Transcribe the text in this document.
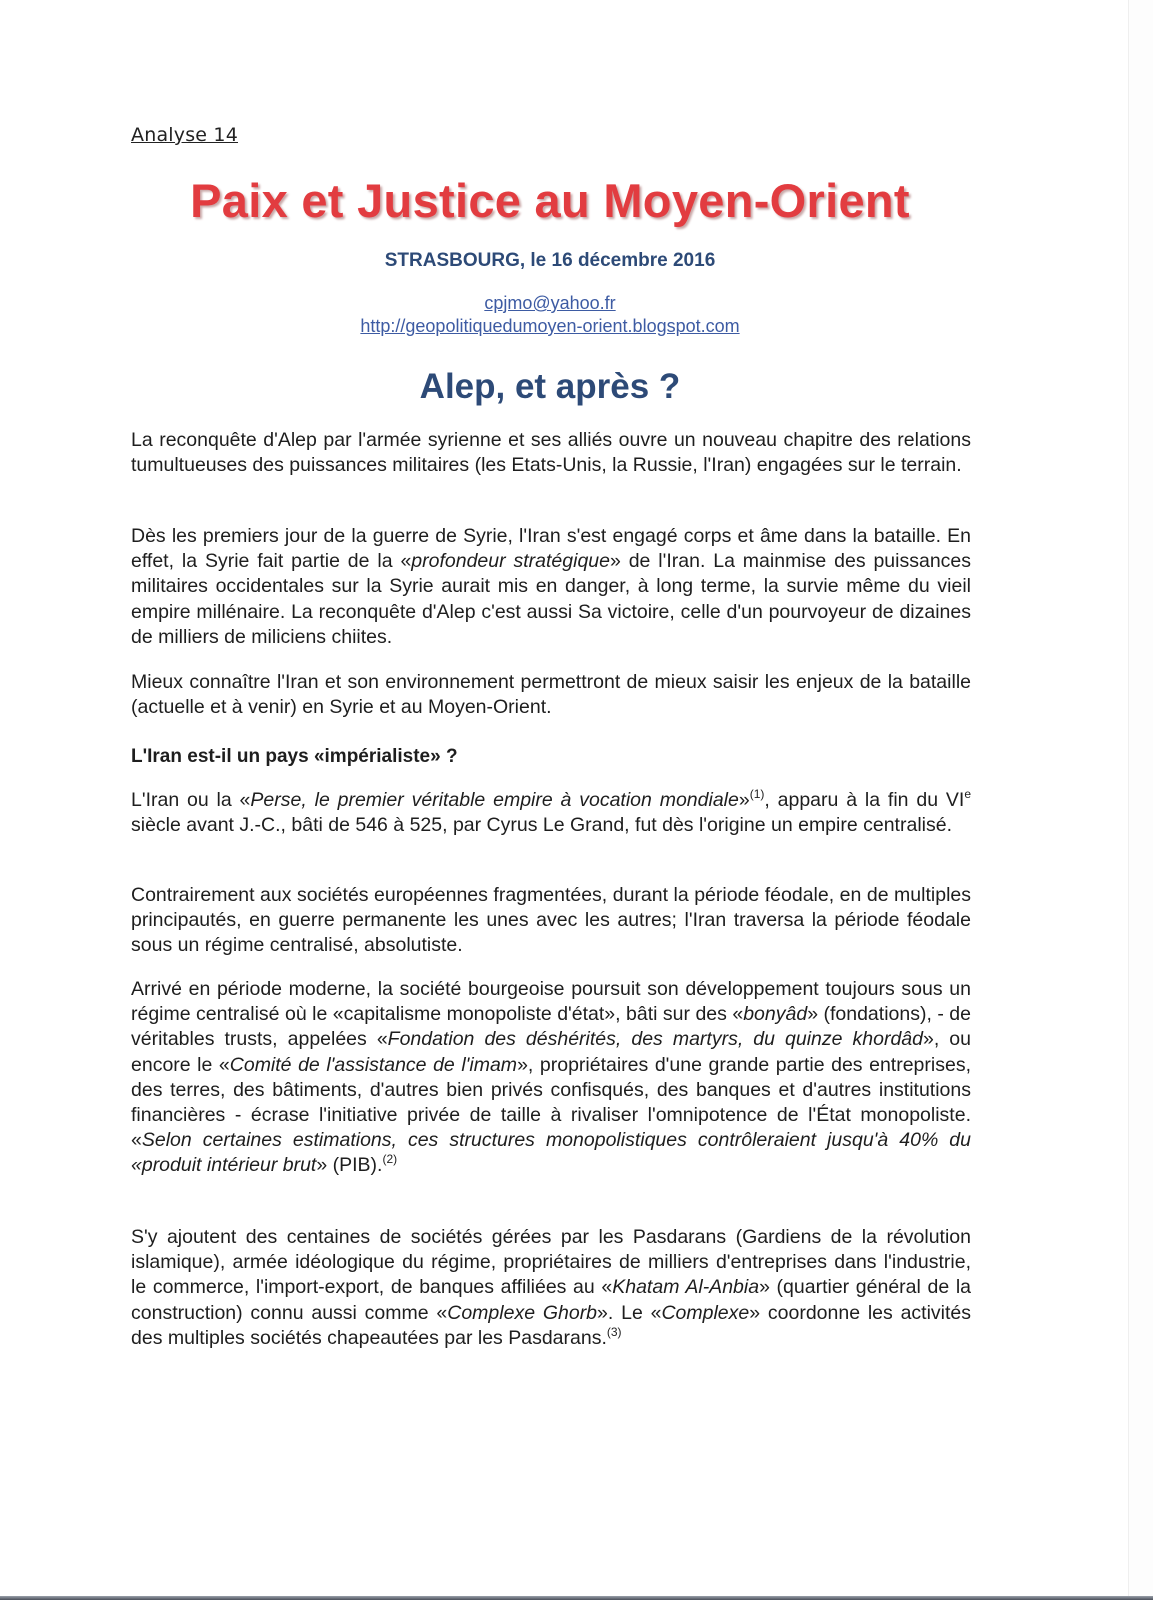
Analyse 14
Paix et Justice au Moyen-Orient
STRASBOURG, le 16 décembre 2016
cpjmo@yahoo.fr
http://geopolitiquedumoyen-orient.blogspot.com
Alep, et après ?
La reconquête d'Alep par l'armée syrienne et ses alliés ouvre un nouveau chapitre des relations tumultueuses des puissances militaires (les Etats-Unis, la Russie, l'Iran) engagées sur le terrain.
Dès les premiers jour de la guerre de Syrie, l'Iran s'est engagé corps et âme dans la bataille. En effet, la Syrie fait partie de la «profondeur stratégique» de l'Iran. La mainmise des puissances militaires occidentales sur la Syrie aurait mis en danger, à long terme, la survie même du vieil empire millénaire. La reconquête d'Alep c'est aussi Sa victoire, celle d'un pourvoyeur de dizaines de milliers de miliciens chiites.
Mieux connaître l'Iran et son environnement permettront de mieux saisir les enjeux de la bataille (actuelle et à venir) en Syrie et au Moyen-Orient.
L'Iran est-il un pays «impérialiste» ?
L'Iran ou la «Perse, le premier véritable empire à vocation mondiale»$^{(1)}$, apparu à la fin du VIe siècle avant J.-C., bâti de 546 à 525, par Cyrus Le Grand, fut dès l'origine un empire centralisé.
Contrairement aux sociétés européennes fragmentées, durant la période féodale, en de multiples principautés, en guerre permanente les unes avec les autres; l'Iran traversa la période féodale sous un régime centralisé, absolutiste.
Arrivé en période moderne, la société bourgeoise poursuit son développement toujours sous un régime centralisé où le «capitalisme monopoliste d'état», bâti sur des «bonyâd» (fondations), - de véritables trusts, appelées «Fondation des déshérités, des martyrs, du quinze khordâd», ou encore le «Comité de l'assistance de l'imam», propriétaires d'une grande partie des entreprises, des terres, des bâtiments, d'autres bien privés confisqués, des banques et d'autres institutions financières - écrase l'initiative privée de taille à rivaliser l'omnipotence de l'État monopoliste. «Selon certaines estimations, ces structures monopolistiques contrôleraient jusqu'à 40% du «produit intérieur brut» (PIB).$^{(2)}$
S'y ajoutent des centaines de sociétés gérées par les Pasdarans (Gardiens de la révolution islamique), armée idéologique du régime, propriétaires de milliers d'entreprises dans l'industrie, le commerce, l'import-export, de banques affiliées au «Khatam Al-Anbia» (quartier général de la construction) connu aussi comme «Complexe Ghorb». Le «Complexe» coordonne les activités des multiples sociétés chapeautées par les Pasdarans.$^{(3)}$
